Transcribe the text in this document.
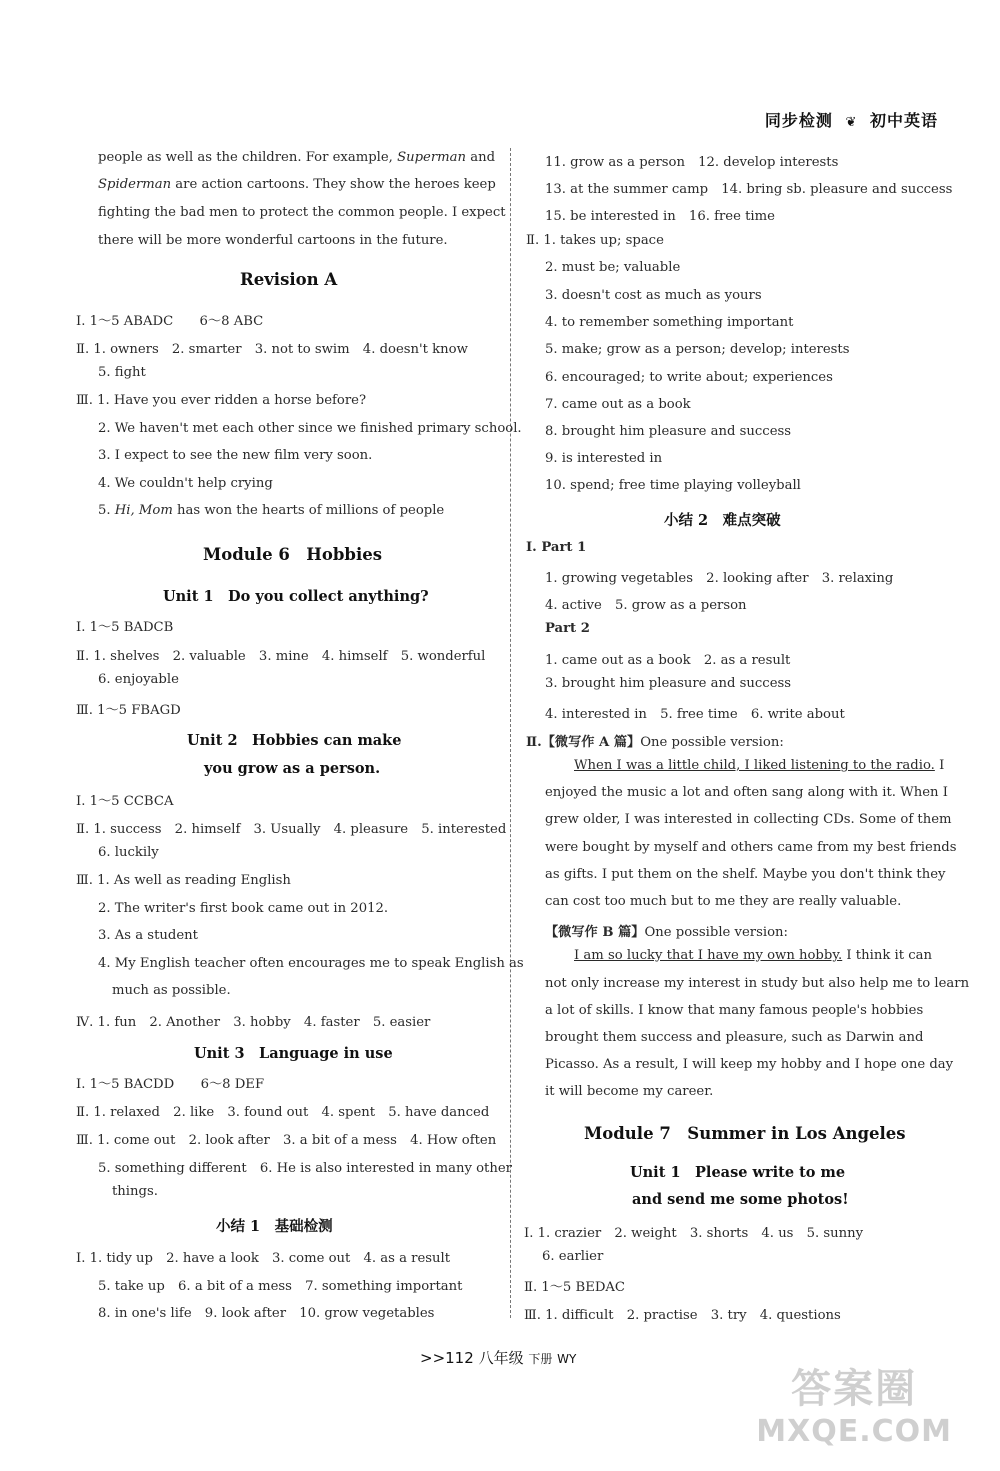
同步检测 ❦ 初中英语
people as well as the children. For example, Superman and
Spiderman are action cartoons. They show the heroes keep
fighting the bad men to protect the common people. I expect
there will be more wonderful cartoons in the future.
Revision A
Ⅰ. 1～5 ABADC　　6～8 ABC
Ⅱ. 1. owners　2. smarter　3. not to swim　4. doesn't know
5. fight
Ⅲ. 1. Have you ever ridden a horse before?
2. We haven't met each other since we finished primary school.
3. I expect to see the new film very soon.
4. We couldn't help crying
5. Hi, Mom has won the hearts of millions of people
Module 6　Hobbies
Unit 1　Do you collect anything?
Ⅰ. 1～5 BADCB
Ⅱ. 1. shelves　2. valuable　3. mine　4. himself　5. wonderful
6. enjoyable
Ⅲ. 1～5 FBAGD
Unit 2　Hobbies can make
you grow as a person.
Ⅰ. 1～5 CCBCA
Ⅱ. 1. success　2. himself　3. Usually　4. pleasure　5. interested
6. luckily
Ⅲ. 1. As well as reading English
2. The writer's first book came out in 2012.
3. As a student
4. My English teacher often encourages me to speak English as
much as possible.
Ⅳ. 1. fun　2. Another　3. hobby　4. faster　5. easier
Unit 3　Language in use
Ⅰ. 1～5 BACDD　　6～8 DEF
Ⅱ. 1. relaxed　2. like　3. found out　4. spent　5. have danced
Ⅲ. 1. come out　2. look after　3. a bit of a mess　4. How often
5. something different　6. He is also interested in many other
things.
小结 1　基础检测
Ⅰ. 1. tidy up　2. have a look　3. come out　4. as a result
5. take up　6. a bit of a mess　7. something important
8. in one's life　9. look after　10. grow vegetables
11. grow as a person　12. develop interests
13. at the summer camp　14. bring sb. pleasure and success
15. be interested in　16. free time
Ⅱ. 1. takes up; space
2. must be; valuable
3. doesn't cost as much as yours
4. to remember something important
5. make; grow as a person; develop; interests
6. encouraged; to write about; experiences
7. came out as a book
8. brought him pleasure and success
9. is interested in
10. spend; free time playing volleyball
小结 2　难点突破
Ⅰ. Part 1
1. growing vegetables　2. looking after　3. relaxing
4. active　5. grow as a person
Part 2
1. came out as a book　2. as a result
3. brought him pleasure and success
4. interested in　5. free time　6. write about
Ⅱ.【微写作 A 篇】One possible version:
When I was a little child, I liked listening to the radio. I
enjoyed the music a lot and often sang along with it. When I
grew older, I was interested in collecting CDs. Some of them
were bought by myself and others came from my best friends
as gifts. I put them on the shelf. Maybe you don't think they
can cost too much but to me they are really valuable.
【微写作 B 篇】One possible version:
I am so lucky that I have my own hobby. I think it can
not only increase my interest in study but also help me to learn
a lot of skills. I know that many famous people's hobbies
brought them success and pleasure, such as Darwin and
Picasso. As a result, I will keep my hobby and I hope one day
it will become my career.
Module 7　Summer in Los Angeles
Unit 1　Please write to me
and send me some photos!
Ⅰ. 1. crazier　2. weight　3. shorts　4. us　5. sunny
6. earlier
Ⅱ. 1～5 BEDAC
Ⅲ. 1. difficult　2. practise　3. try　4. questions
>>112 八年级 下册 WY
答案圈
MXQE.COM
